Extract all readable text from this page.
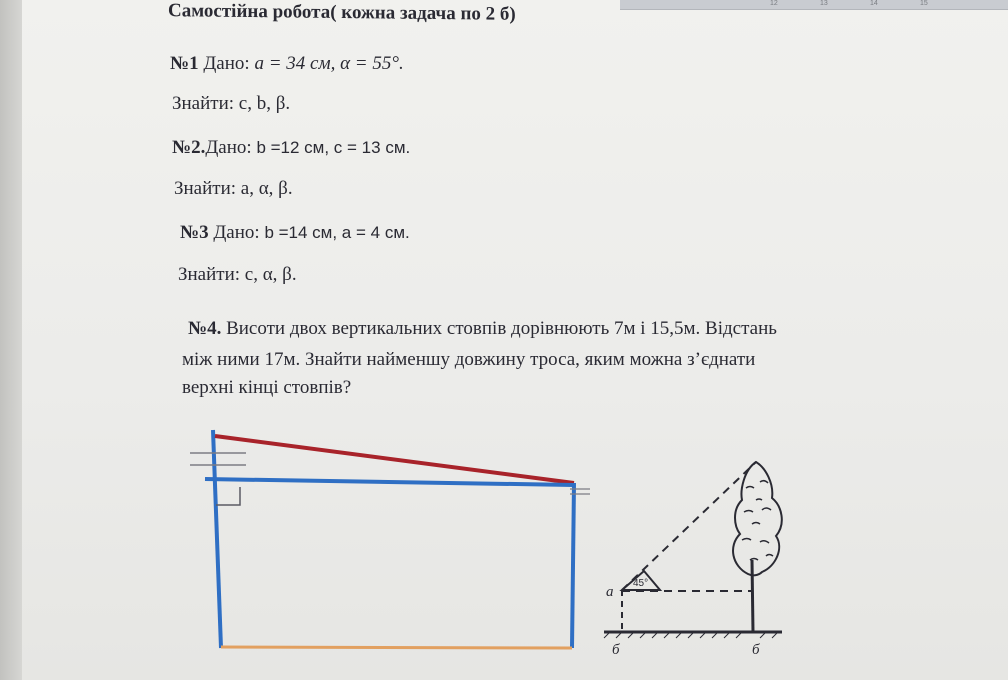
12	13	14	15
Самостійна робота( кожна задача по 2 б)
№1 Дано: а = 34 см, α = 55°.
Знайти: с, b, β.
№2.Дано: b =12 см, с = 13 см.
Знайти: а, α, β.
№3 Дано: b =14 см, а = 4 см.
Знайти: с, α, β.
№4. Висоти двох вертикальних стовпів дорівнюють 7м і 15,5м. Відстань
між ними 17м. Знайти найменшу довжину троса, яким можна з’єднати
верхні кінці стовпів?
45°
а
б	б
